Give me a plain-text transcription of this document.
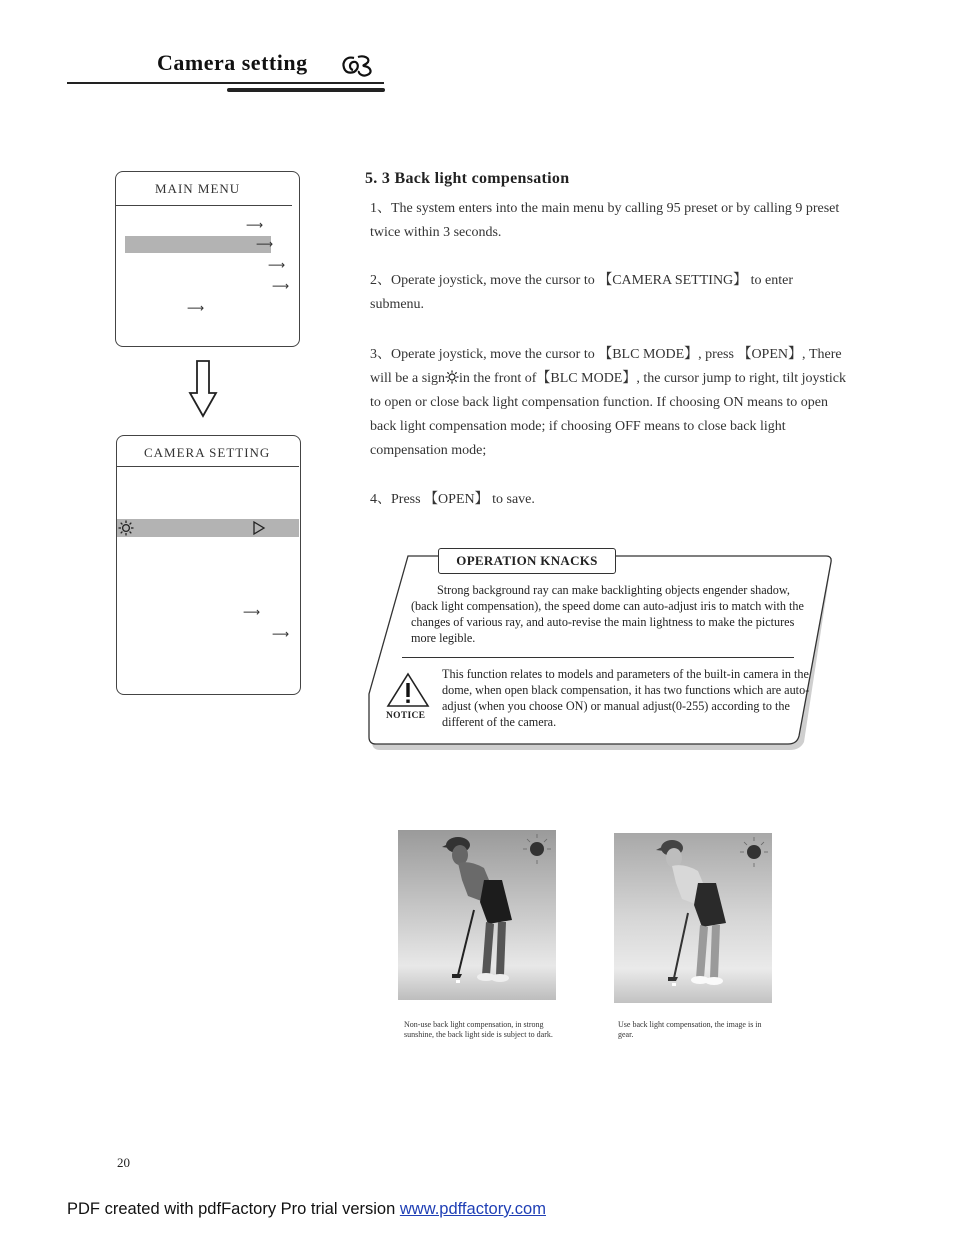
Camera setting
MAIN MENU
⟶
⟶
⟶
⟶
⟶
CAMERA SETTING
⟶
⟶
5. 3 Back light compensation
1、The system enters into the main menu by calling 95 preset or by calling 9 preset twice within 3 seconds.
2、Operate joystick, move the cursor to 【CAMERA SETTING】 to enter submenu.
3、Operate joystick, move the cursor to 【BLC MODE】, press 【OPEN】, There will be a sign in the front of【BLC MODE】, the cursor jump to right, tilt joystick to open or close back light compensation function. If choosing ON means to open back light compensation mode; if choosing OFF means to close back light compensation mode;
4、Press 【OPEN】 to save.
OPERATION KNACKS
Strong background ray can make backlighting objects engender shadow, (back light compensation), the speed dome can auto-adjust iris to match with the changes of various ray, and auto-revise the main lightness to make the pictures more legible.
NOTICE
This function relates to models and parameters of the built-in camera in the dome, when open black compensation, it has two functions which are auto-adjust (when you choose ON) or manual adjust(0-255) according to the different of the camera.
Non-use back light compensation, in strong sunshine, the back light side is subject to dark.
Use back light compensation, the image is in gear.
20
PDF created with pdfFactory Pro trial version www.pdffactory.com
